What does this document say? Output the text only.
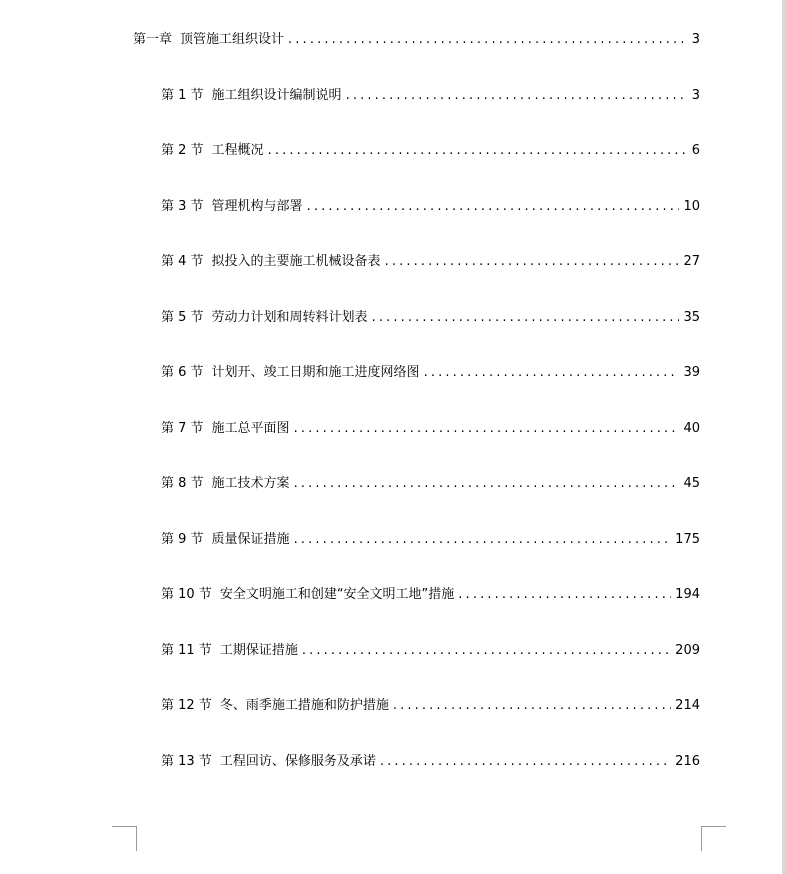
第一章 顶管施工组织设计 . . .	3
第 1 节 施工组织设计编制说明 . . .	3
第 2 节 工程概况 . . .	6
第 3 节 管理机构与部署 . . .	10
第 4 节 拟投入的主要施工机械设备表 . . .	27
第 5 节 劳动力计划和周转料计划表 . . .	35
第 6 节 计划开、竣工日期和施工进度网络图 . . .	39
第 7 节 施工总平面图 . . .	40
第 8 节 施工技术方案 . . .	45
第 9 节 质量保证措施 . . .	175
第 10 节 安全文明施工和创建“安全文明工地”措施 . . .	194
第 11 节 工期保证措施 . . .	209
第 12 节 冬、雨季施工措施和防护措施 . . .	214
第 13 节 工程回访、保修服务及承诺 . . .	216
